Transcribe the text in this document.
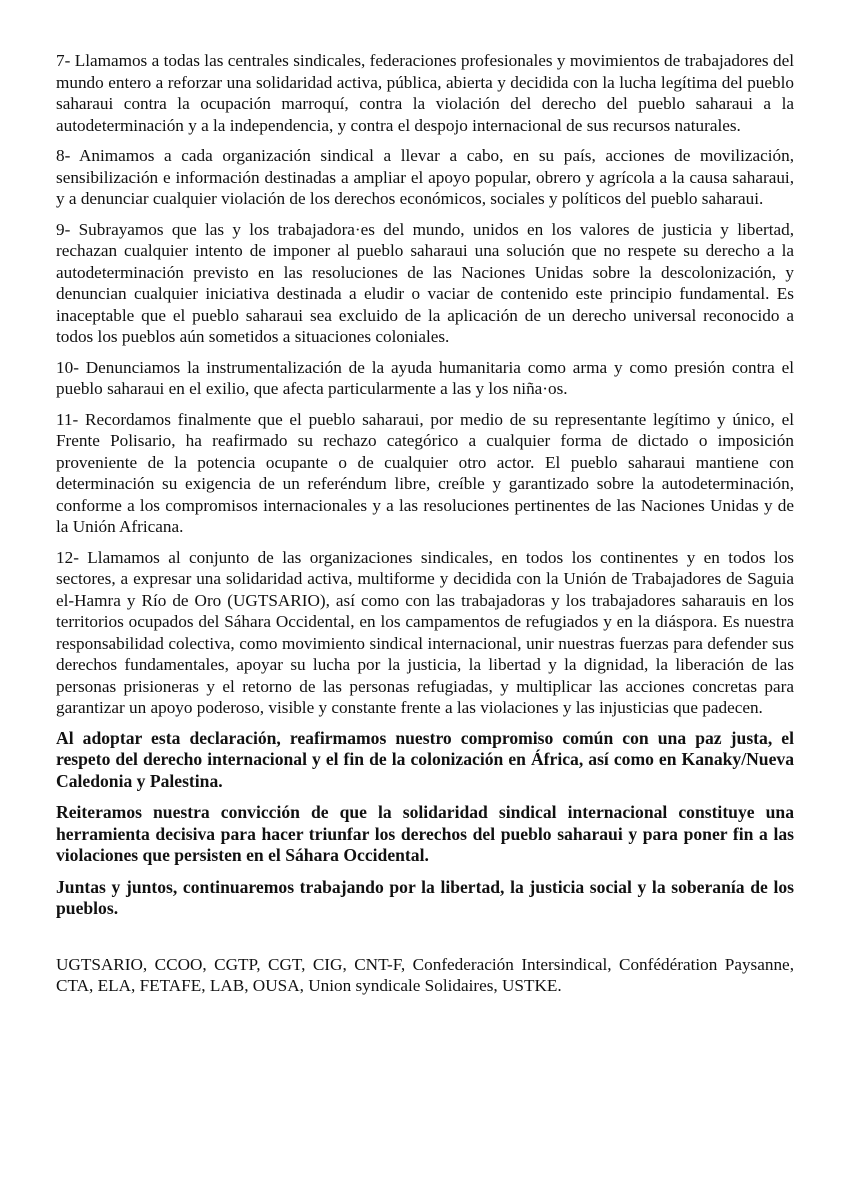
7- Llamamos a todas las centrales sindicales, federaciones profesionales y movimientos de trabajadores del mundo entero a reforzar una solidaridad activa, pública, abierta y decidida con la lucha legítima del pueblo saharaui contra la ocupación marroquí, contra la violación del derecho del pueblo saharaui a la autodeterminación y a la independencia, y contra el despojo internacional de sus recursos naturales.

8- Animamos a cada organización sindical a llevar a cabo, en su país, acciones de movilización, sensibilización e información destinadas a ampliar el apoyo popular, obrero y agrícola a la causa saharaui, y a denunciar cualquier violación de los derechos económicos, sociales y políticos del pueblo saharaui.

9- Subrayamos que las y los trabajadora·es del mundo, unidos en los valores de justicia y libertad, rechazan cualquier intento de imponer al pueblo saharaui una solución que no respete su derecho a la autodeterminación previsto en las resoluciones de las Naciones Unidas sobre la descolonización, y denuncian cualquier iniciativa destinada a eludir o vaciar de contenido este principio fundamental. Es inaceptable que el pueblo saharaui sea excluido de la aplicación de un derecho universal reconocido a todos los pueblos aún sometidos a situaciones coloniales.

10- Denunciamos la instrumentalización de la ayuda humanitaria como arma y como presión contra el pueblo saharaui en el exilio, que afecta particularmente a las y los niña·os.

11- Recordamos finalmente que el pueblo saharaui, por medio de su representante legítimo y único, el Frente Polisario, ha reafirmado su rechazo categórico a cualquier forma de dictado o imposición proveniente de la potencia ocupante o de cualquier otro actor. El pueblo saharaui mantiene con determinación su exigencia de un referéndum libre, creíble y garantizado sobre la autodeterminación, conforme a los compromisos internacionales y a las resoluciones pertinentes de las Naciones Unidas y de la Unión Africana.

12- Llamamos al conjunto de las organizaciones sindicales, en todos los continentes y en todos los sectores, a expresar una solidaridad activa, multiforme y decidida con la Unión de Trabajadores de Saguia el-Hamra y Río de Oro (UGTSARIO), así como con las trabajadoras y los trabajadores saharauis en los territorios ocupados del Sáhara Occidental, en los campamentos de refugiados y en la diáspora. Es nuestra responsabilidad colectiva, como movimiento sindical internacional, unir nuestras fuerzas para defender sus derechos fundamentales, apoyar su lucha por la justicia, la libertad y la dignidad, la liberación de las personas prisioneras y el retorno de las personas refugiadas, y multiplicar las acciones concretas para garantizar un apoyo poderoso, visible y constante frente a las violaciones y las injusticias que padecen.

Al adoptar esta declaración, reafirmamos nuestro compromiso común con una paz justa, el respeto del derecho internacional y el fin de la colonización en África, así como en Kanaky/Nueva Caledonia y Palestina.

Reiteramos nuestra convicción de que la solidaridad sindical internacional constituye una herramienta decisiva para hacer triunfar los derechos del pueblo saharaui y para poner fin a las violaciones que persisten en el Sáhara Occidental.

Juntas y juntos, continuaremos trabajando por la libertad, la justicia social y la soberanía de los pueblos.

UGTSARIO, CCOO, CGTP, CGT, CIG, CNT-F, Confederación Intersindical, Confédération Paysanne, CTA, ELA, FETAFE, LAB, OUSA, Union syndicale Solidaires, USTKE.
